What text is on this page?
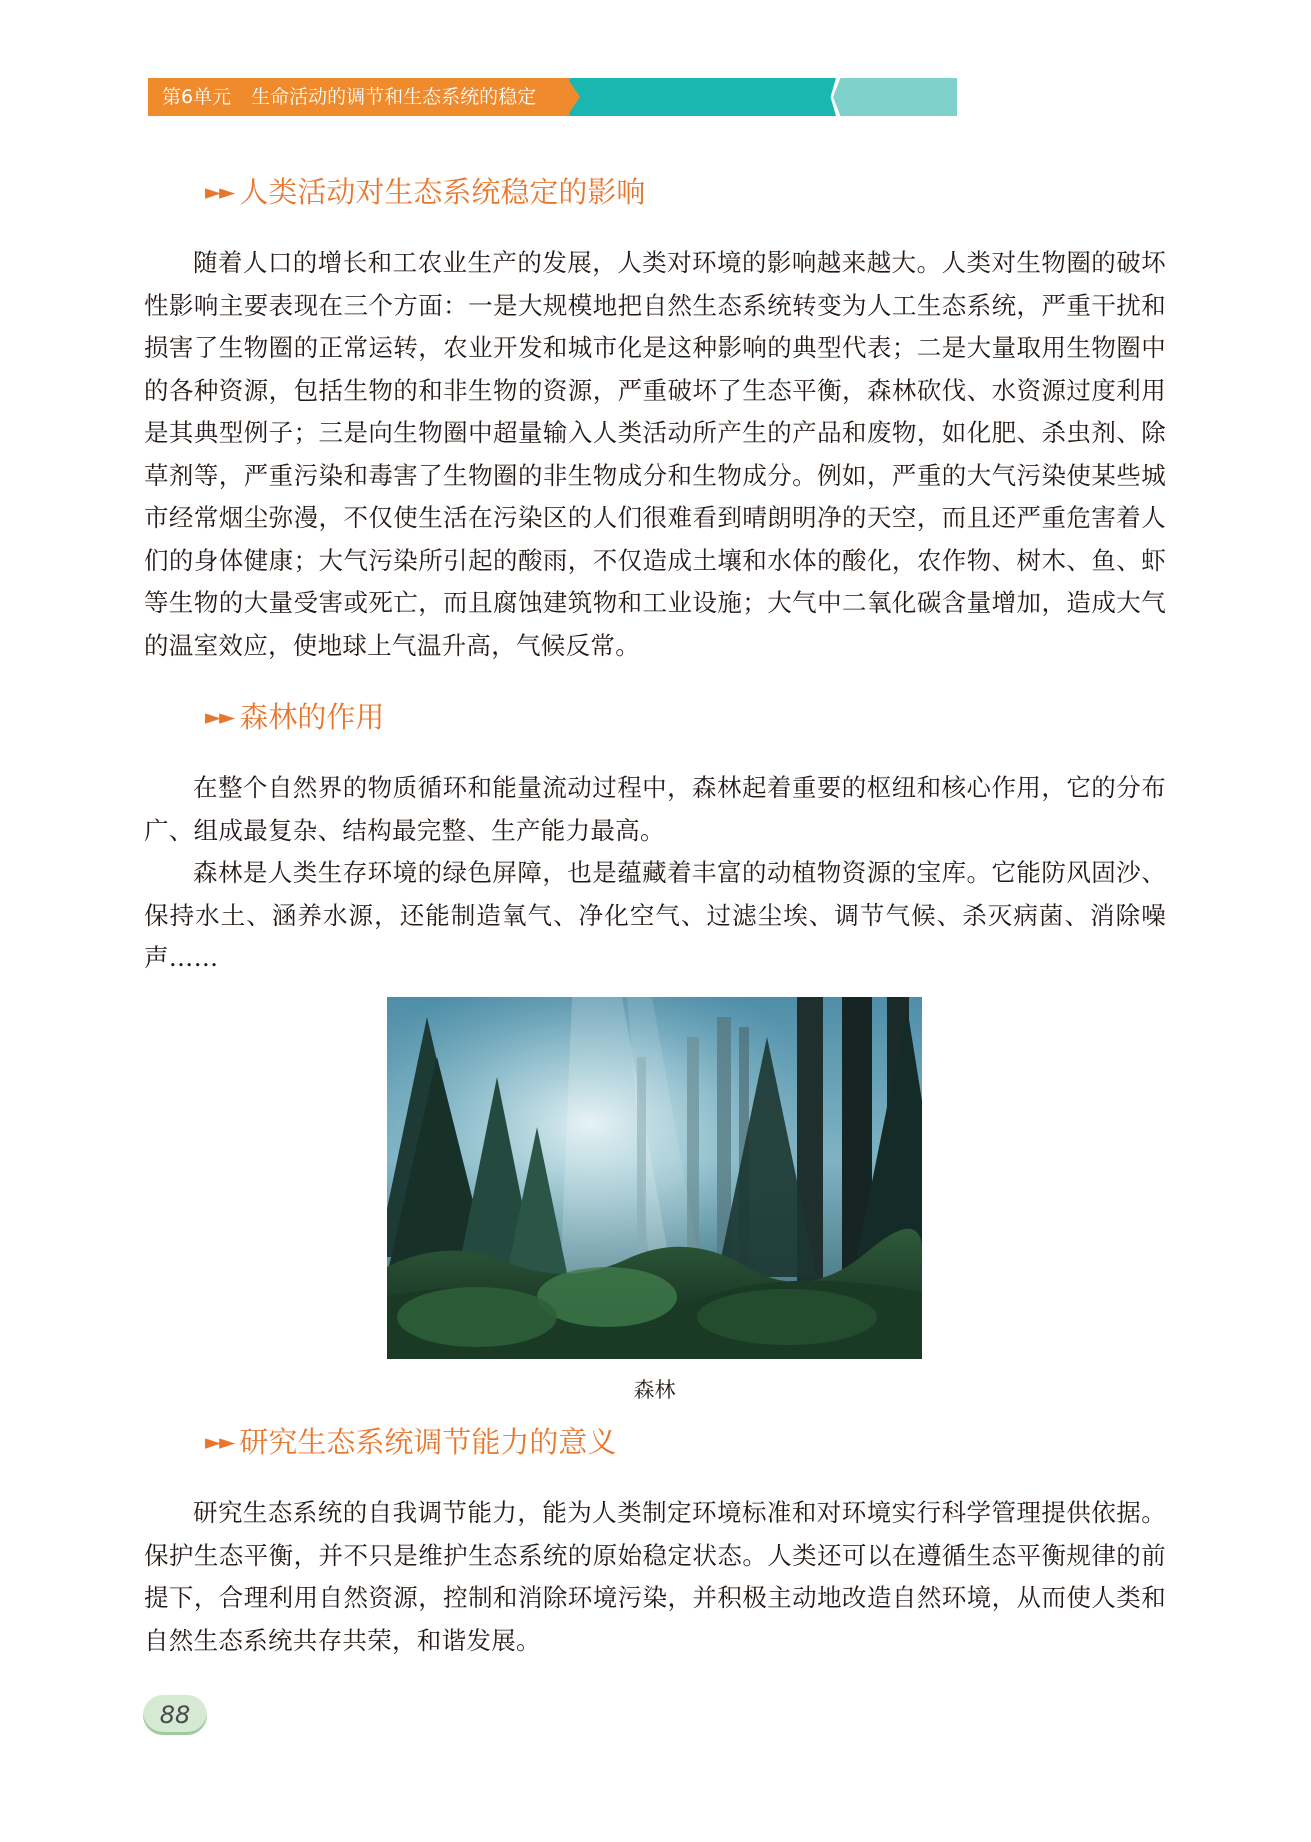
第6单元 生命活动的调节和生态系统的稳定
►► 人类活动对生态系统稳定的影响

随着人口的增长和工农业生产的发展，人类对环境的影响越来越大。人类对生物圈的破坏性影响主要表现在三个方面：一是大规模地把自然生态系统转变为人工生态系统，严重干扰和损害了生物圈的正常运转，农业开发和城市化是这种影响的典型代表；二是大量取用生物圈中的各种资源，包括生物的和非生物的资源，严重破坏了生态平衡，森林砍伐、水资源过度利用是其典型例子；三是向生物圈中超量输入人类活动所产生的产品和废物，如化肥、杀虫剂、除草剂等，严重污染和毒害了生物圈的非生物成分和生物成分。例如，严重的大气污染使某些城市经常烟尘弥漫，不仅使生活在污染区的人们很难看到晴朗明净的天空，而且还严重危害着人们的身体健康；大气污染所引起的酸雨，不仅造成土壤和水体的酸化，农作物、树木、鱼、虾等生物的大量受害或死亡，而且腐蚀建筑物和工业设施；大气中二氧化碳含量增加，造成大气的温室效应，使地球上气温升高，气候反常。

►► 森林的作用

在整个自然界的物质循环和能量流动过程中，森林起着重要的枢纽和核心作用，它的分布广、组成最复杂、结构最完整、生产能力最高。

森林是人类生存环境的绿色屏障，也是蕴藏着丰富的动植物资源的宝库。它能防风固沙、保持水土、涵养水源，还能制造氧气、净化空气、过滤尘埃、调节气候、杀灭病菌、消除噪声……

森林
►► 研究生态系统调节能力的意义

研究生态系统的自我调节能力，能为人类制定环境标准和对环境实行科学管理提供依据。保护生态平衡，并不只是维护生态系统的原始稳定状态。人类还可以在遵循生态平衡规律的前提下，合理利用自然资源，控制和消除环境污染，并积极主动地改造自然环境，从而使人类和自然生态系统共存共荣，和谐发展。

88
